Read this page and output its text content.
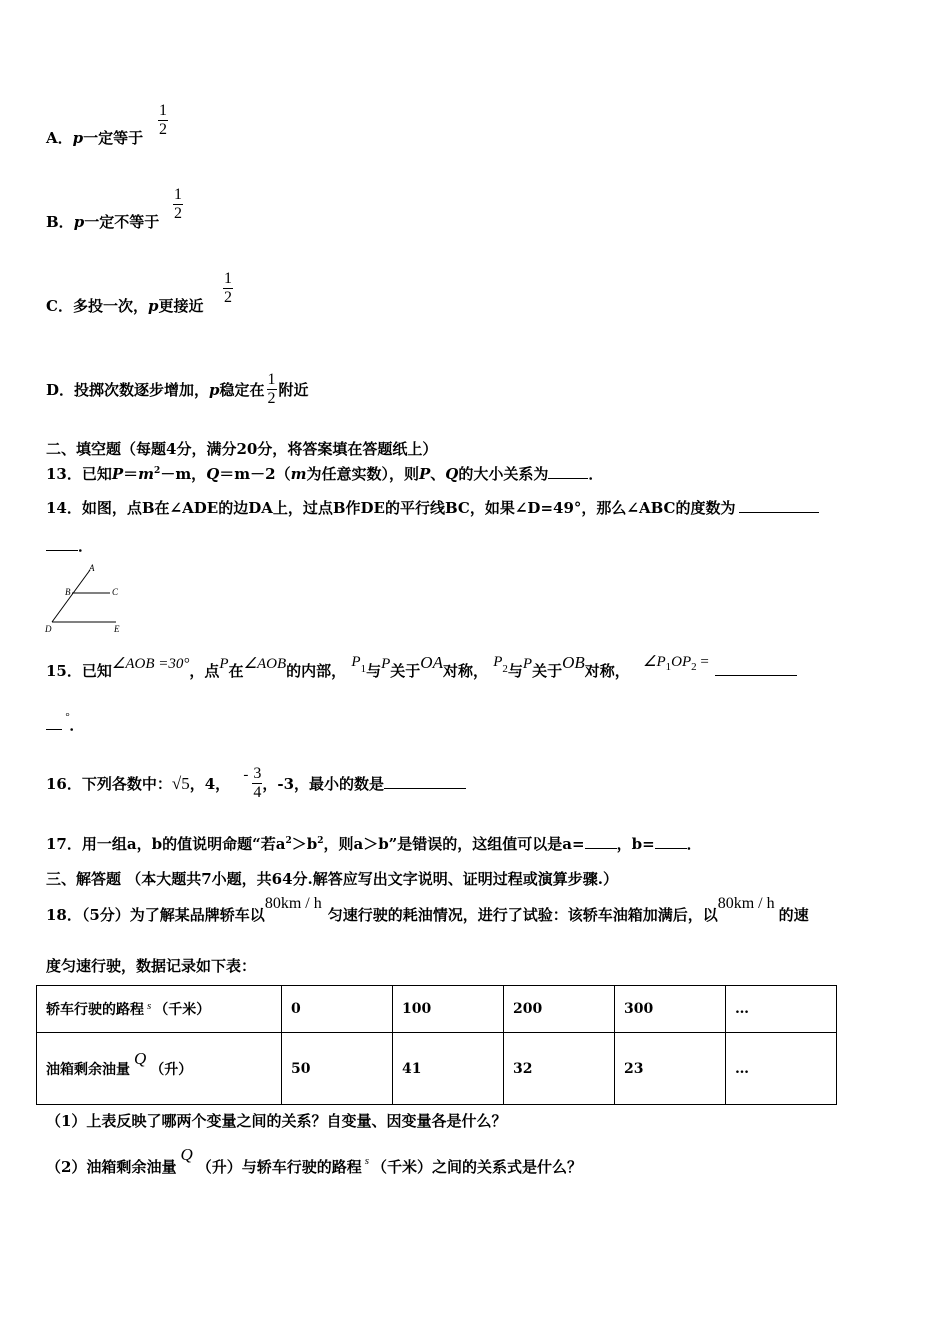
A．p一定等于 $\frac{1}{2}$
B．p一定不等于 $\frac{1}{2}$
C．多投一次，p更接近 $\frac{1}{2}$
D．投掷次数逐步增加，p稳定在 $\frac{1}{2}$ 附近
二、填空题（每题4分，满分20分，将答案填在答题纸上）
13．已知$P=m^2-m$，Q＝m－2（m为任意实数），则P、Q的大小关系为	．
14．如图，点B在∠ADE的边DA上，过点B作DE的平行线BC，如果∠D=49°，那么∠ABC的度数为
．
A
B	C
D	E
15．已知∠AOB =30°，点P在∠AOB的内部， $P^1$与P关于OA对称， $P^2$与P关于OB对称， $\angle P^1OP^2$ =
°．
16．下列各数中：√5，4， - $\frac{3}{4}$ ，-3，最小的数是
17．用一组a，b的值说明命题“若$a^2>b^2$，则a＞b”是错误的，这组值可以是a= ，b= ．
三、解答题 （本大题共7小题，共64分.解答应写出文字说明、证明过程或演算步骤.）
18．（5分）为了解某品牌轿车以80km / h匀速行驶的耗油情况，进行了试验：该轿车油箱加满后，以80km / h的速
度匀速行驶，数据记录如下表：
轿车行驶的路程 $^s$ （千米）	0	100	200	300	…
油箱剩余油量Q（升）	50	41	32	23	…
（1）上表反映了哪两个变量之间的关系？自变量、因变量各是什么？
（2）油箱剩余油量Q（升）与轿车行驶的路程 $^s$ （千米）之间的关系式是什么？
